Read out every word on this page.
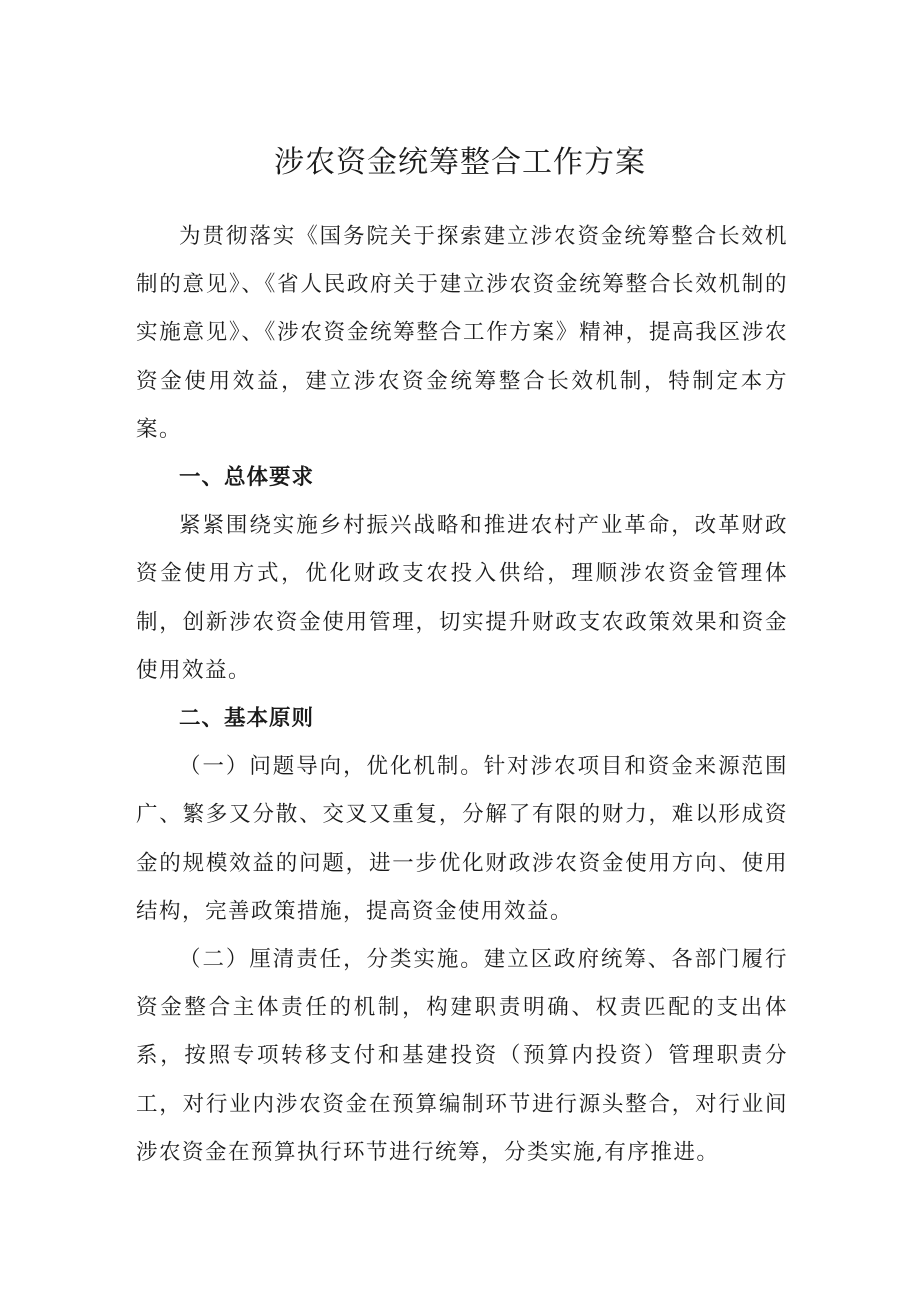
涉农资金统筹整合工作方案

为贯彻落实《国务院关于探索建立涉农资金统筹整合长效机制的意见》、《省人民政府关于建立涉农资金统筹整合长效机制的实施意见》、《涉农资金统筹整合工作方案》精神，提高我区涉农资金使用效益，建立涉农资金统筹整合长效机制，特制定本方案。

一、总体要求

紧紧围绕实施乡村振兴战略和推进农村产业革命，改革财政资金使用方式，优化财政支农投入供给，理顺涉农资金管理体制，创新涉农资金使用管理，切实提升财政支农政策效果和资金使用效益。

二、基本原则

（一）问题导向，优化机制。针对涉农项目和资金来源范围广、繁多又分散、交叉又重复，分解了有限的财力，难以形成资金的规模效益的问题，进一步优化财政涉农资金使用方向、使用结构，完善政策措施，提高资金使用效益。

（二）厘清责任，分类实施。建立区政府统筹、各部门履行资金整合主体责任的机制，构建职责明确、权责匹配的支出体系，按照专项转移支付和基建投资（预算内投资）管理职责分工，对行业内涉农资金在预算编制环节进行源头整合，对行业间涉农资金在预算执行环节进行统筹，分类实施,有序推进。
